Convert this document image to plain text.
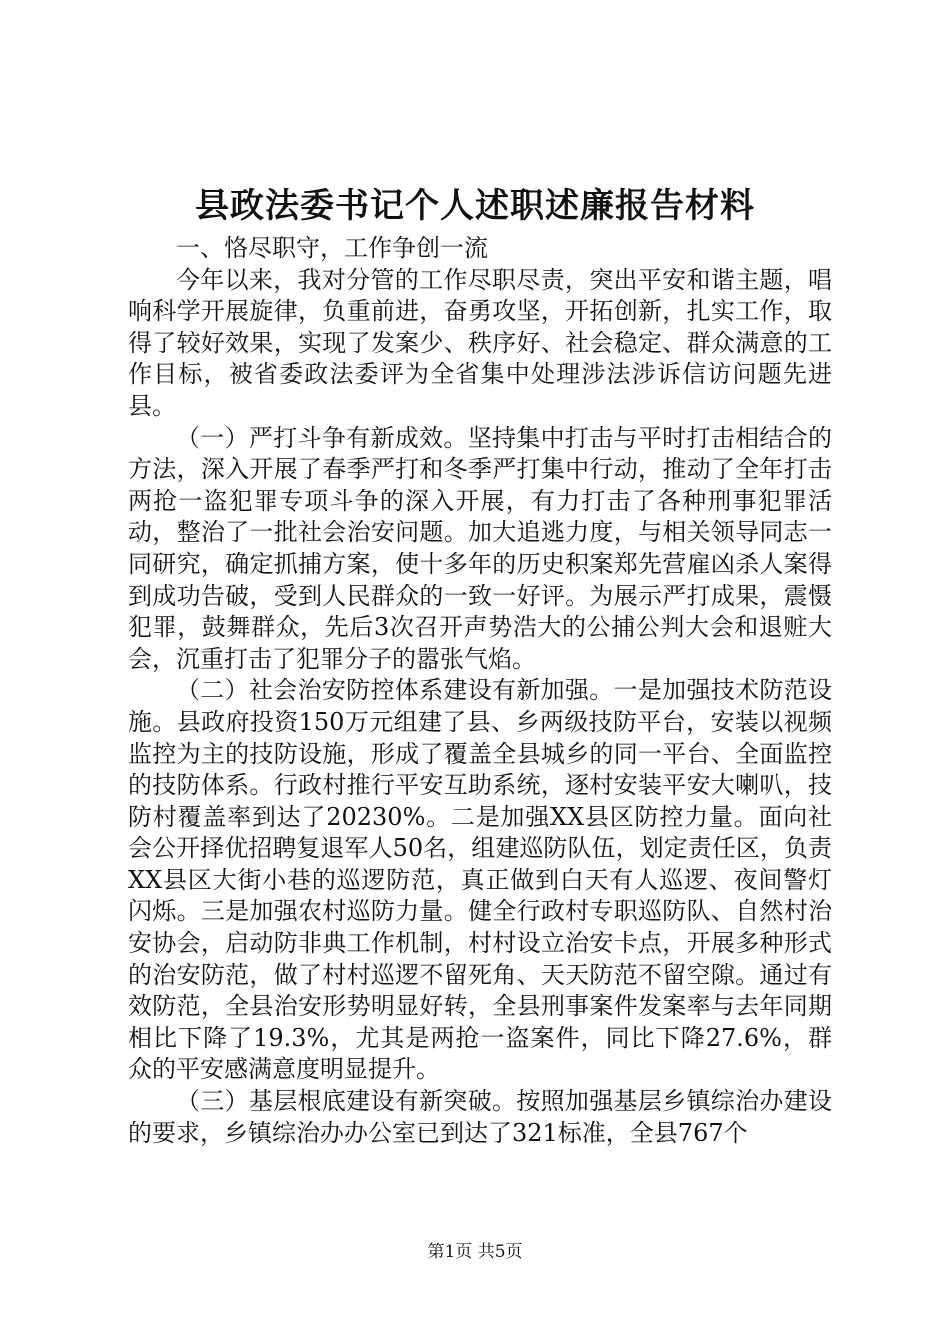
县政法委书记个人述职述廉报告材料

一、恪尽职守，工作争创一流

今年以来，我对分管的工作尽职尽责，突出平安和谐主题，唱响科学开展旋律，负重前进，奋勇攻坚，开拓创新，扎实工作，取得了较好效果，实现了发案少、秩序好、社会稳定、群众满意的工作目标，被省委政法委评为全省集中处理涉法涉诉信访问题先进县。

（一）严打斗争有新成效。坚持集中打击与平时打击相结合的方法，深入开展了春季严打和冬季严打集中行动，推动了全年打击两抢一盗犯罪专项斗争的深入开展，有力打击了各种刑事犯罪活动，整治了一批社会治安问题。加大追逃力度，与相关领导同志一同研究，确定抓捕方案，使十多年的历史积案郑先营雇凶杀人案得到成功告破，受到人民群众的一致一好评。为展示严打成果，震慑犯罪，鼓舞群众，先后3次召开声势浩大的公捕公判大会和退赃大会，沉重打击了犯罪分子的嚣张气焰。

（二）社会治安防控体系建设有新加强。一是加强技术防范设施。县政府投资150万元组建了县、乡两级技防平台，安装以视频监控为主的技防设施，形成了覆盖全县城乡的同一平台、全面监控的技防体系。行政村推行平安互助系统，逐村安装平安大喇叭，技防村覆盖率到达了20230%。二是加强XX县区防控力量。面向社会公开择优招聘复退军人50名，组建巡防队伍，划定责任区，负责XX县区大街小巷的巡逻防范，真正做到白天有人巡逻、夜间警灯闪烁。三是加强农村巡防力量。健全行政村专职巡防队、自然村治安协会，启动防非典工作机制，村村设立治安卡点，开展多种形式的治安防范，做了村村巡逻不留死角、天天防范不留空隙。通过有效防范，全县治安形势明显好转，全县刑事案件发案率与去年同期相比下降了19.3%，尤其是两抢一盗案件，同比下降27.6%，群众的平安感满意度明显提升。

（三）基层根底建设有新突破。按照加强基层乡镇综治办建设的要求，乡镇综治办办公室已到达了321标准，全县767个

第1页 共5页
